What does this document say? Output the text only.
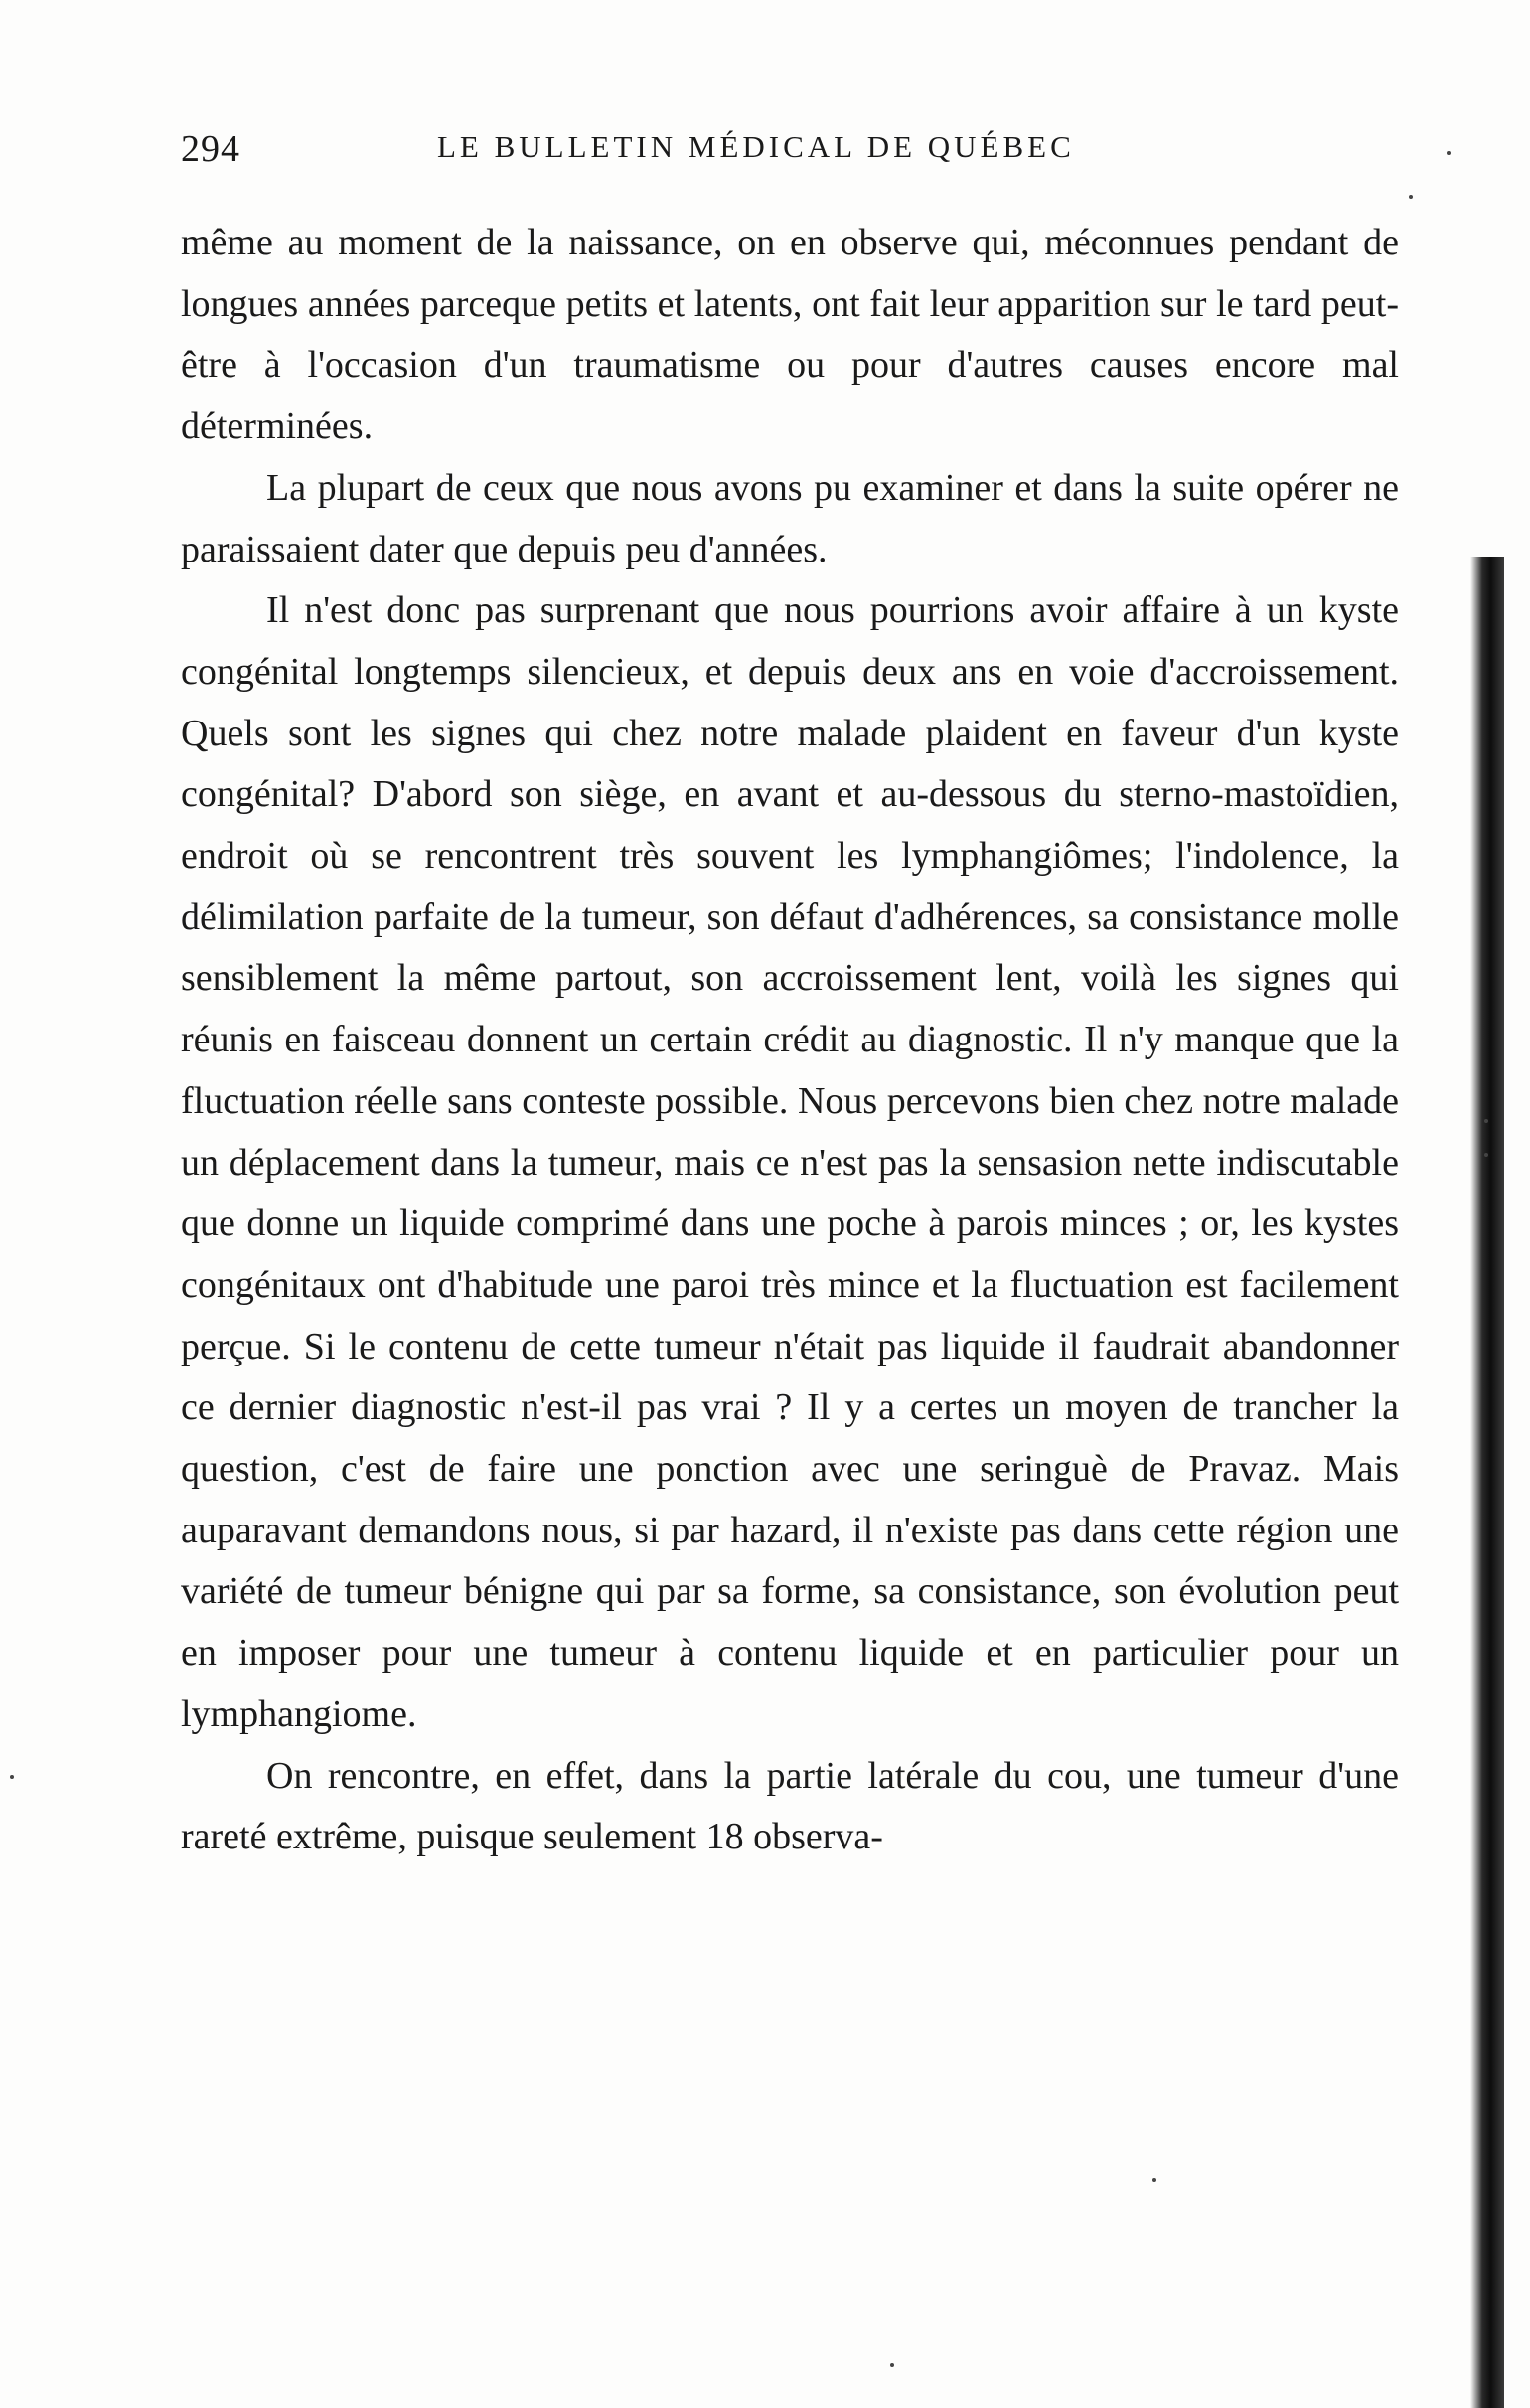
294	LE BULLETIN MÉDICAL DE QUÉBEC

même au moment de la naissance, on en observe qui, méconnues pendant de longues années parceque petits et latents, ont fait leur apparition sur le tard peut-être à l'occasion d'un traumatisme ou pour d'autres causes encore mal déterminées.

La plupart de ceux que nous avons pu examiner et dans la suite opérer ne paraissaient dater que depuis peu d'années.

Il n'est donc pas surprenant que nous pourrions avoir affaire à un kyste congénital longtemps silencieux, et depuis deux ans en voie d'accroissement. Quels sont les signes qui chez notre malade plaident en faveur d'un kyste congénital? D'abord son siège, en avant et au-dessous du sterno-mastoïdien, endroit où se rencontrent très souvent les lymphangiômes; l'indolence, la délimilation parfaite de la tumeur, son défaut d'adhérences, sa consistance molle sensiblement la même partout, son accroissement lent, voilà les signes qui réunis en faisceau donnent un certain crédit au diagnostic. Il n'y manque que la fluctuation réelle sans conteste possible. Nous percevons bien chez notre malade un déplacement dans la tumeur, mais ce n'est pas la sensasion nette indiscutable que donne un liquide comprimé dans une poche à parois minces ; or, les kystes congénitaux ont d'habitude une paroi très mince et la fluctuation est facilement perçue. Si le contenu de cette tumeur n'était pas liquide il faudrait abandonner ce dernier diagnostic n'est-il pas vrai ? Il y a certes un moyen de trancher la question, c'est de faire une ponction avec une seringuè de Pravaz. Mais auparavant demandons nous, si par hazard, il n'existe pas dans cette région une variété de tumeur bénigne qui par sa forme, sa consistance, son évolution peut en imposer pour une tumeur à contenu liquide et en particulier pour un lymphangiome.

On rencontre, en effet, dans la partie latérale du cou, une tumeur d'une rareté extrême, puisque seulement 18 observa-
